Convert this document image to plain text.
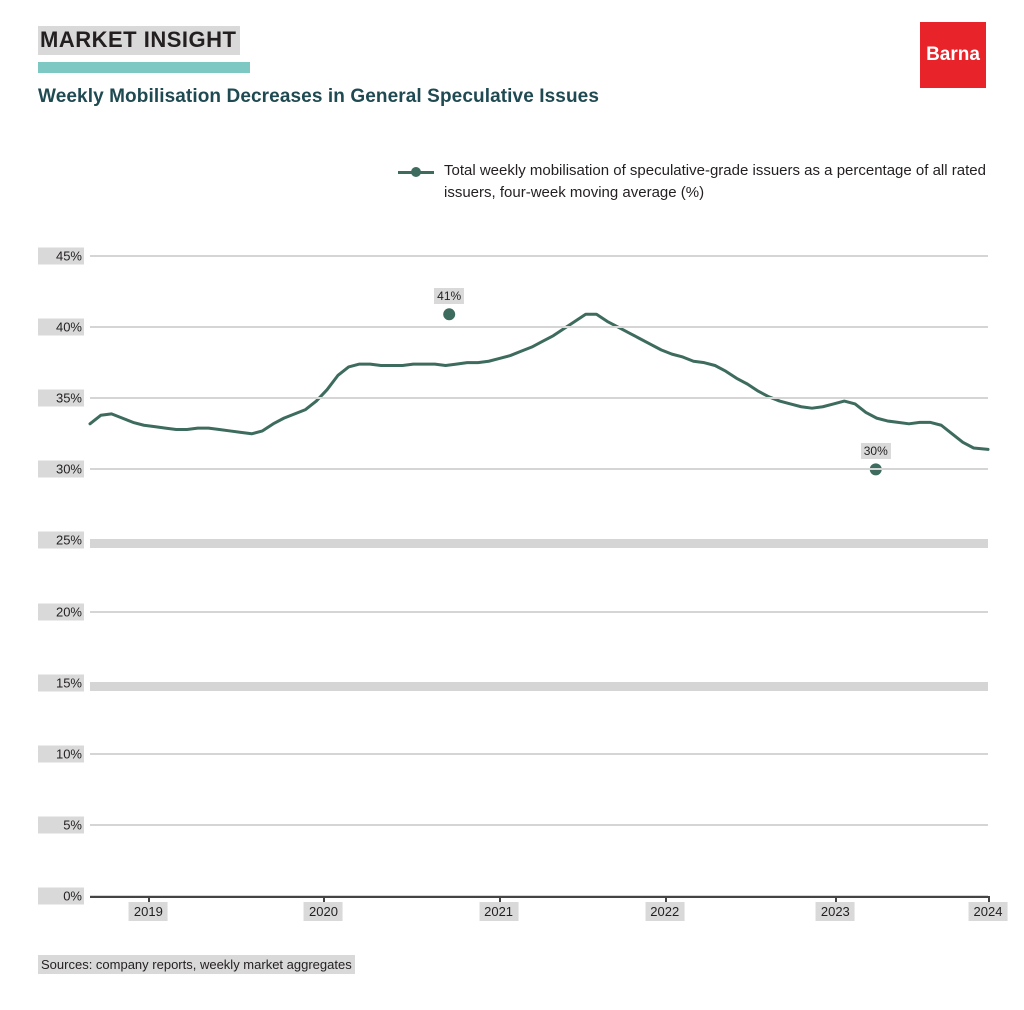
MARKET INSIGHT
Weekly Mobilisation Decreases in General Speculative Issues
Barna
Total weekly mobilisation of speculative-grade issuers as a percentage of all rated issuers, four-week moving average (%)
45%
40%
35%
30%
25%
20%
15%
10%
5%
0%
41%
30%
2019	2020	2021	2022	2023	2024
Sources: company reports, weekly market aggregates
